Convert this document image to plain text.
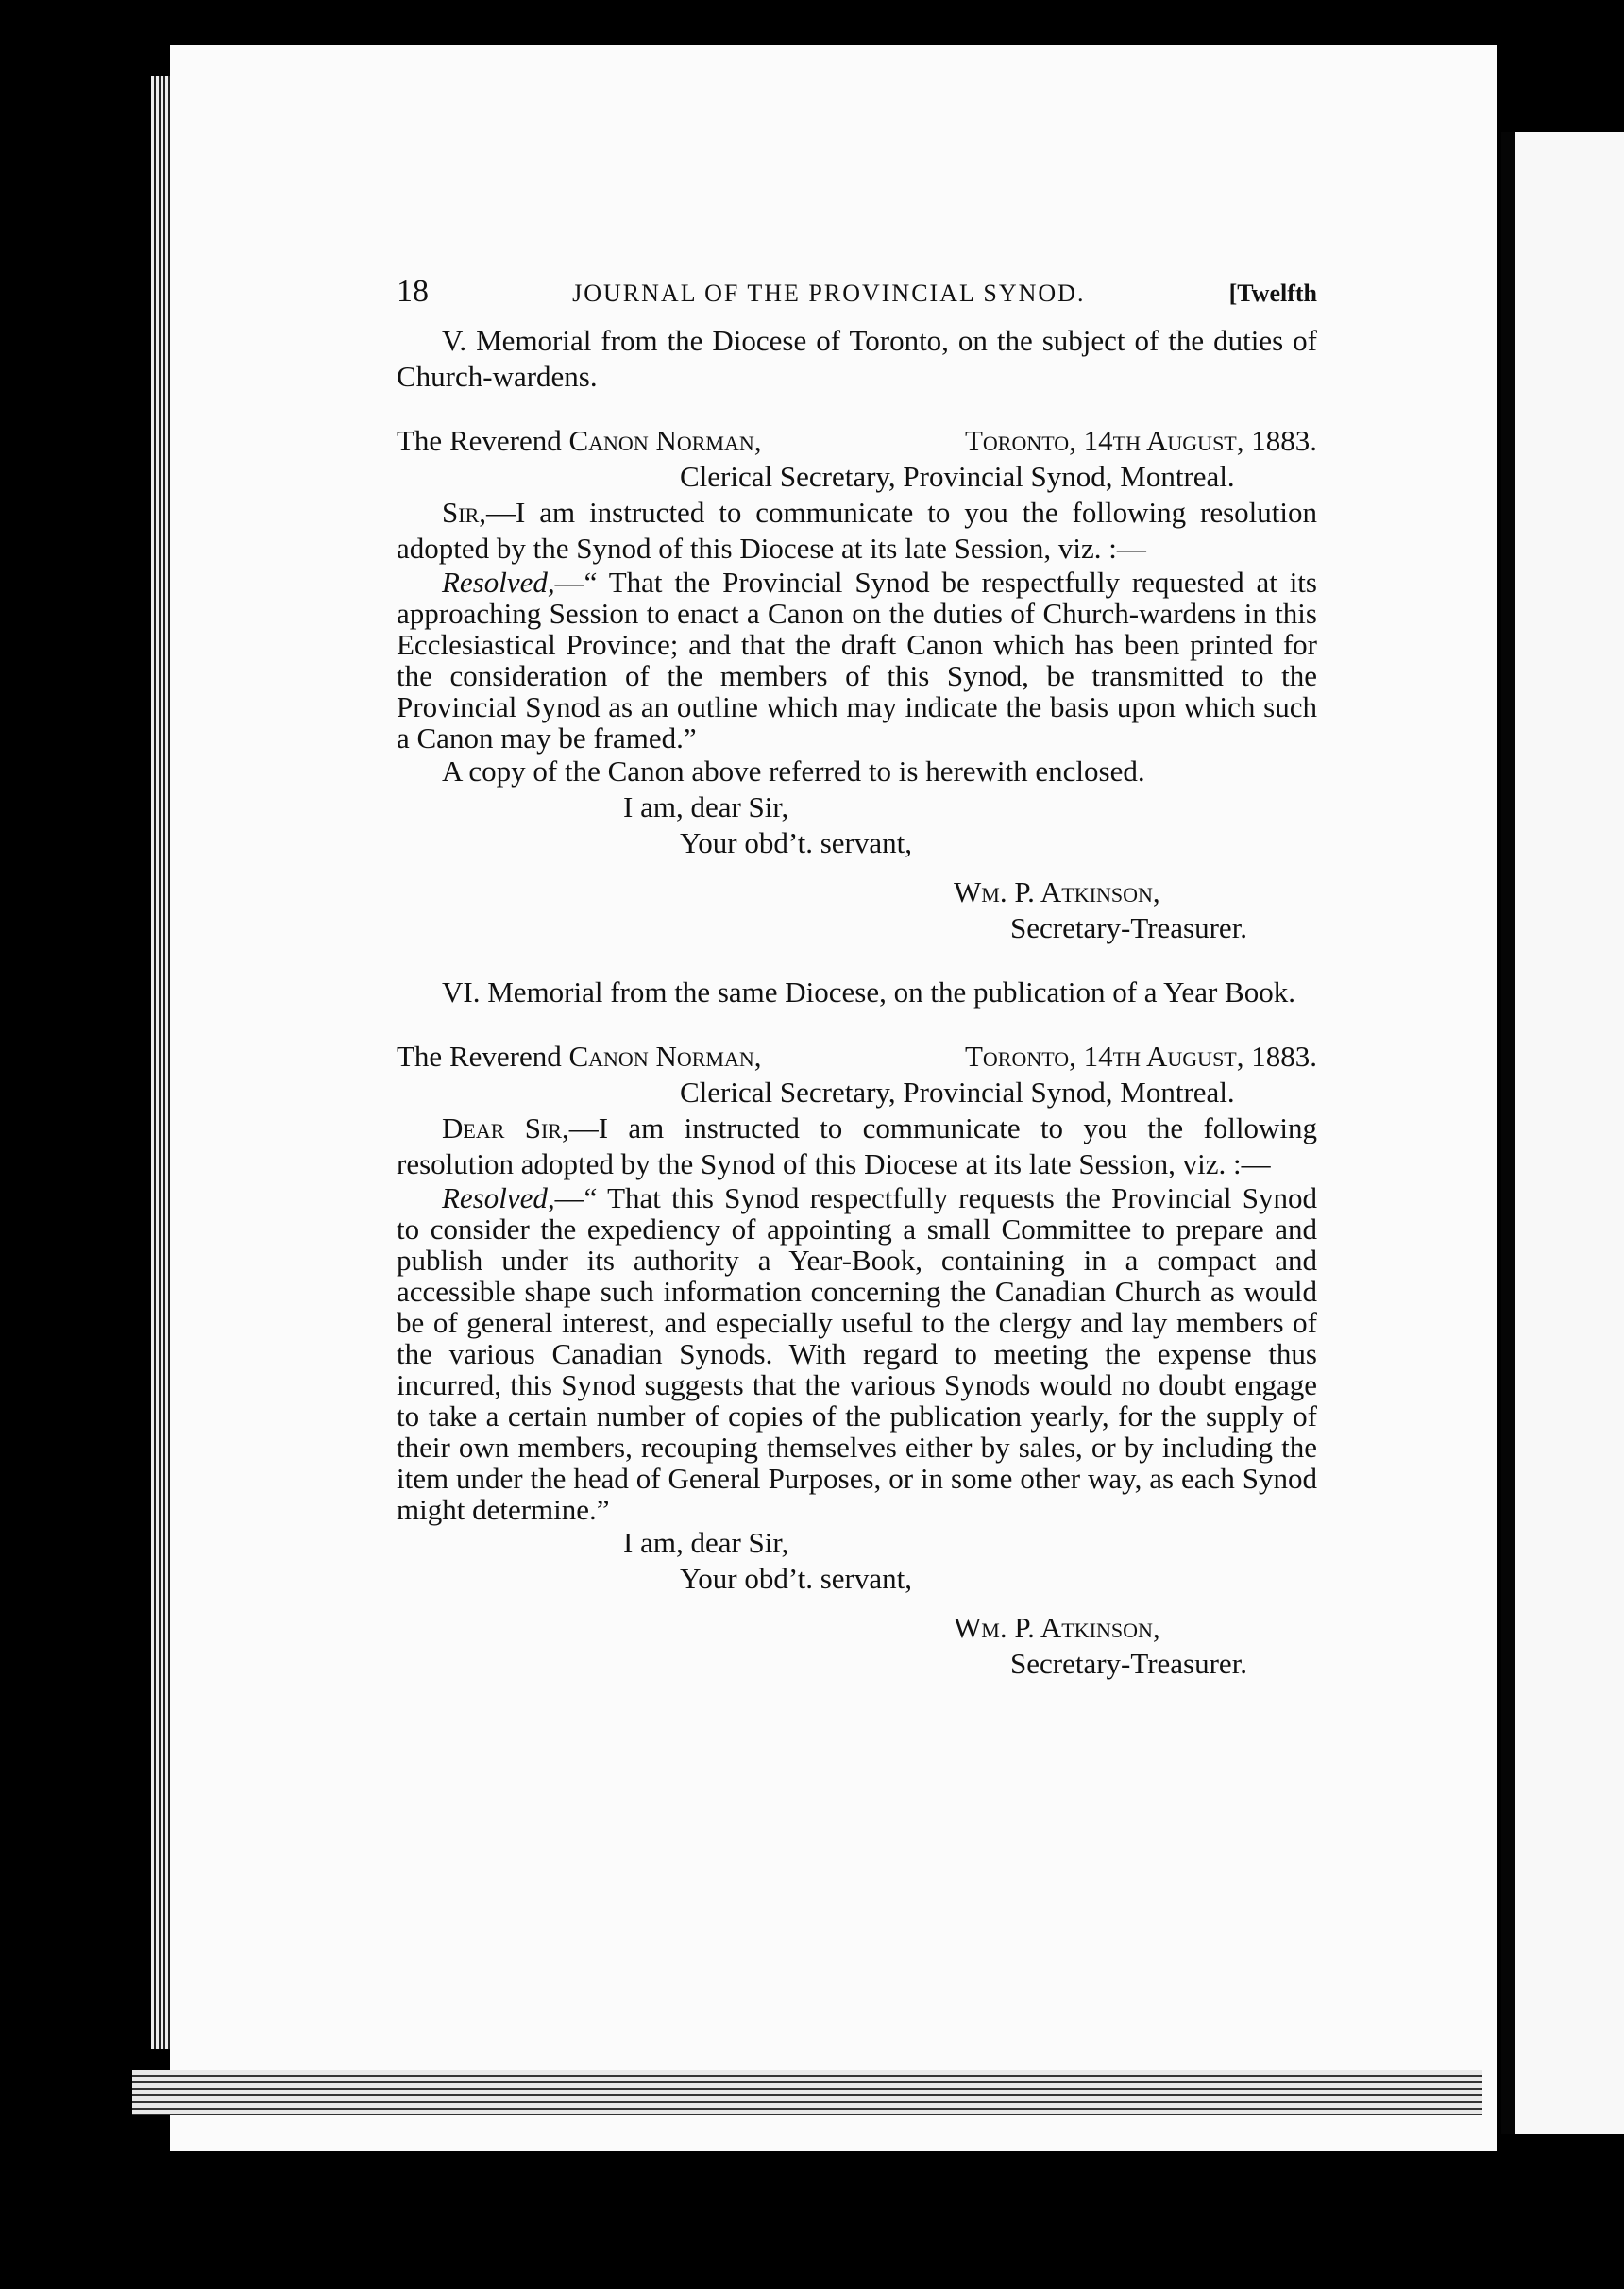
18	JOURNAL OF THE PROVINCIAL SYNOD.	[Twelfth

V. Memorial from the Diocese of Toronto, on the subject of the duties of Church-wardens.

The Reverend Canon Norman,	Toronto, 14th August, 1883.

Clerical Secretary, Provincial Synod, Montreal.

Sir,—I am instructed to communicate to you the following resolution adopted by the Synod of this Diocese at its late Session, viz. :—

Resolved,—“ That the Provincial Synod be respectfully requested at its approaching Session to enact a Canon on the duties of Church-wardens in this Ecclesiastical Province; and that the draft Canon which has been printed for the consideration of the members of this Synod, be transmitted to the Provincial Synod as an outline which may indicate the basis upon which such a Canon may be framed.”

A copy of the Canon above referred to is herewith enclosed.

I am, dear Sir,

Your obd’t. servant,

Wm. P. Atkinson,

Secretary-Treasurer.

VI. Memorial from the same Diocese, on the publication of a Year Book.

The Reverend Canon Norman,	Toronto, 14th August, 1883.

Clerical Secretary, Provincial Synod, Montreal.

Dear Sir,—I am instructed to communicate to you the following resolution adopted by the Synod of this Diocese at its late Session, viz. :—

Resolved,—“ That this Synod respectfully requests the Provincial Synod to consider the expediency of appointing a small Committee to prepare and publish under its authority a Year-Book, containing in a compact and accessible shape such information concerning the Canadian Church as would be of general interest, and especially useful to the clergy and lay members of the various Canadian Synods. With regard to meeting the expense thus incurred, this Synod suggests that the various Synods would no doubt engage to take a certain number of copies of the publication yearly, for the supply of their own members, recouping themselves either by sales, or by including the item under the head of General Purposes, or in some other way, as each Synod might determine.”

I am, dear Sir,

Your obd’t. servant,

Wm. P. Atkinson,

Secretary-Treasurer.
